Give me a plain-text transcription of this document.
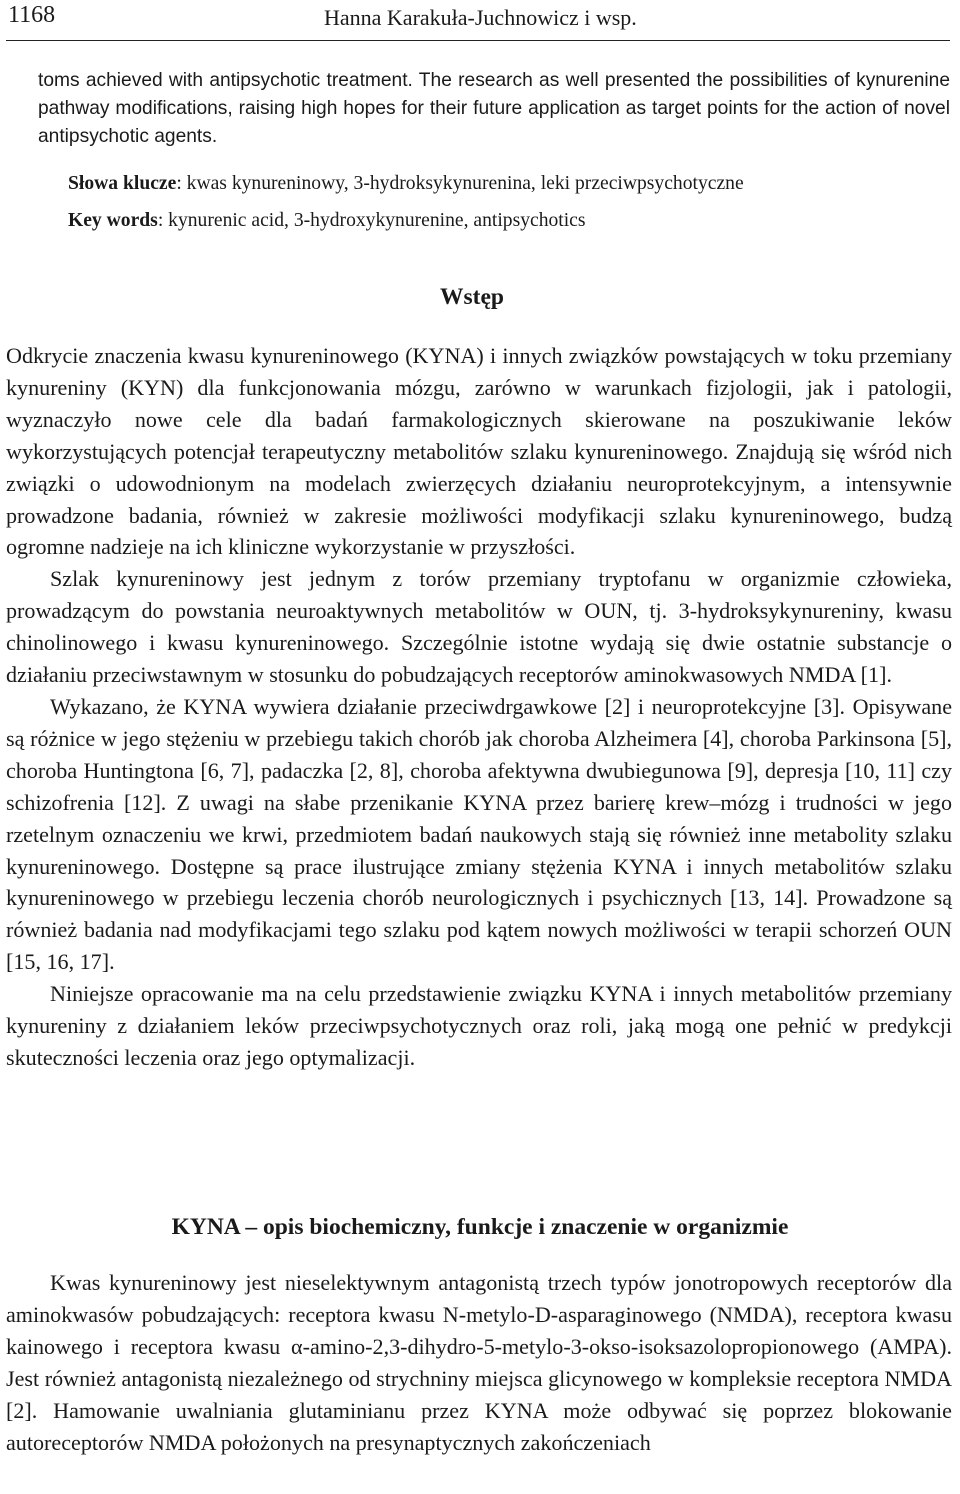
1168	Hanna Karakuła-Juchnowicz i wsp.
toms achieved with antipsychotic treatment. The research as well presented the possibilities of kynurenine pathway modifications, raising high hopes for their future application as target points for the action of novel antipsychotic agents.
Słowa klucze: kwas kynureninowy, 3-hydroksykynurenina, leki przeciwpsychotyczne
Key words: kynurenic acid, 3-hydroxykynurenine, antipsychotics
Wstęp

Odkrycie znaczenia kwasu kynureninowego (KYNA) i innych związków powstających w toku przemiany kynureniny (KYN) dla funkcjonowania mózgu, zarówno w warunkach fizjologii, jak i patologii, wyznaczyło nowe cele dla badań farmakologicznych skierowane na poszukiwanie leków wykorzystujących potencjał terapeutyczny metabolitów szlaku kynureninowego. Znajdują się wśród nich związki o udowodnionym na modelach zwierzęcych działaniu neuroprotekcyjnym, a intensywnie prowadzone badania, również w zakresie możliwości modyfikacji szlaku kynureninowego, budzą ogromne nadzieje na ich kliniczne wykorzystanie w przyszłości.

Szlak kynureninowy jest jednym z torów przemiany tryptofanu w organizmie człowieka, prowadzącym do powstania neuroaktywnych metabolitów w OUN, tj. 3-hydroksykynureniny, kwasu chinolinowego i kwasu kynureninowego. Szczególnie istotne wydają się dwie ostatnie substancje o działaniu przeciwstawnym w stosunku do pobudzających receptorów aminokwasowych NMDA [1].

Wykazano, że KYNA wywiera działanie przeciwdrgawkowe [2] i neuroprotekcyjne [3]. Opisywane są różnice w jego stężeniu w przebiegu takich chorób jak choroba Alzheimera [4], choroba Parkinsona [5], choroba Huntingtona [6, 7], padaczka [2, 8], choroba afektywna dwubiegunowa [9], depresja [10, 11] czy schizofrenia [12]. Z uwagi na słabe przenikanie KYNA przez barierę krew–mózg i trudności w jego rzetelnym oznaczeniu we krwi, przedmiotem badań naukowych stają się również inne metabolity szlaku kynureninowego. Dostępne są prace ilustrujące zmiany stężenia KYNA i innych metabolitów szlaku kynureninowego w przebiegu leczenia chorób neurologicznych i psychicznych [13, 14]. Prowadzone są również badania nad modyfikacjami tego szlaku pod kątem nowych możliwości w terapii schorzeń OUN [15, 16, 17].

Niniejsze opracowanie ma na celu przedstawienie związku KYNA i innych metabolitów przemiany kynureniny z działaniem leków przeciwpsychotycznych oraz roli, jaką mogą one pełnić w predykcji skuteczności leczenia oraz jego optymalizacji.

KYNA – opis biochemiczny, funkcje i znaczenie w organizmie

Kwas kynureninowy jest nieselektywnym antagonistą trzech typów jonotropowych receptorów dla aminokwasów pobudzających: receptora kwasu N-metylo-D-asparaginowego (NMDA), receptora kwasu kainowego i receptora kwasu α-amino-2,3-dihydro-5-metylo-3-okso-isoksazolopropionowego (AMPA). Jest również antagonistą niezależnego od strychniny miejsca glicynowego w kompleksie receptora NMDA [2]. Hamowanie uwalniania glutaminianu przez KYNA może odbywać się poprzez blokowanie autoreceptorów NMDA położonych na presynaptycznych zakończeniach
